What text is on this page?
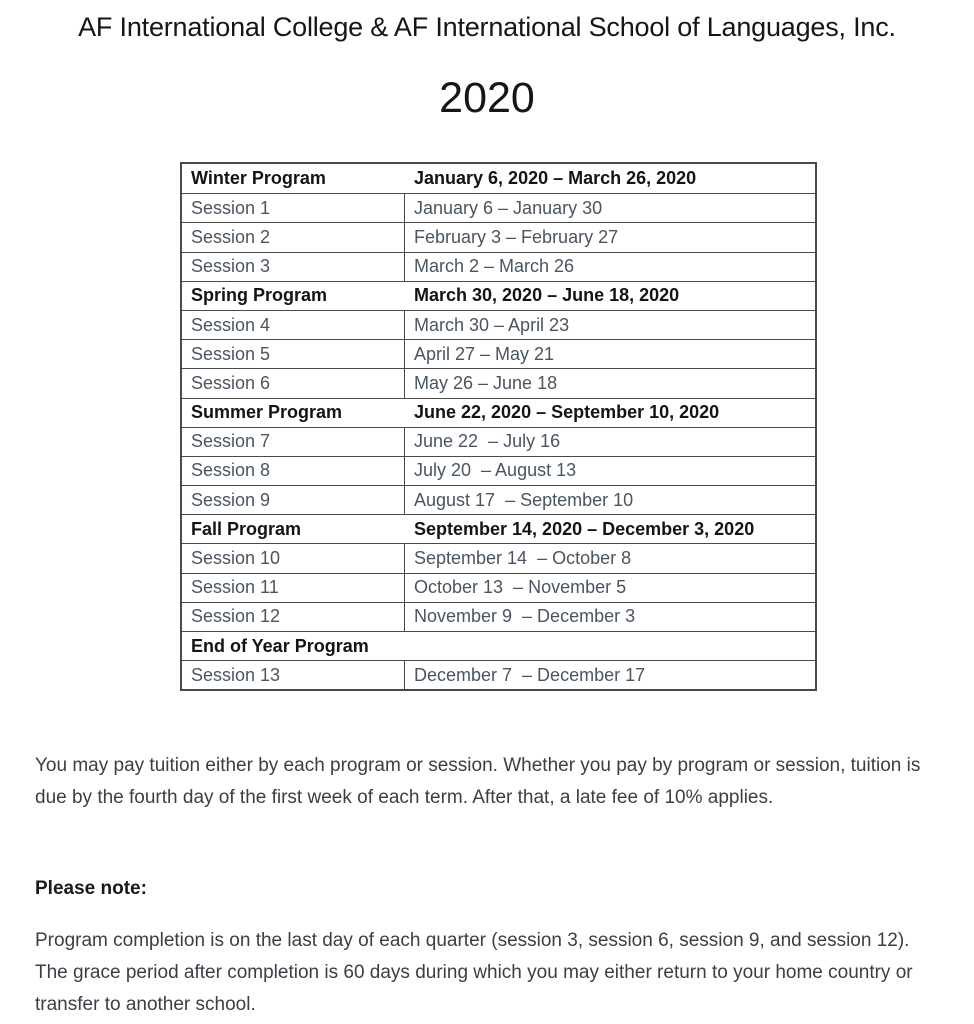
AF International College & AF International School of Languages, Inc.
2020
Winter Program	January 6, 2020 – March 26, 2020
Session 1	January 6 – January 30
Session 2	February 3 – February 27
Session 3	March 2 – March 26
Spring Program	March 30, 2020 – June 18, 2020
Session 4	March 30 – April 23
Session 5	April 27 – May 21
Session 6	May 26 – June 18
Summer Program	June 22, 2020 – September 10, 2020
Session 7	June 22  – July 16
Session 8	July 20  – August 13
Session 9	August 17  – September 10
Fall Program	September 14, 2020 – December 3, 2020
Session 10	September 14  – October 8
Session 11	October 13  – November 5
Session 12	November 9  – December 3
End of Year Program
Session 13	December 7  – December 17

You may pay tuition either by each program or session. Whether you pay by program or session, tuition is due by the fourth day of the first week of each term. After that, a late fee of 10% applies.

Please note:

Program completion is on the last day of each quarter (session 3, session 6, session 9, and session 12). The grace period after completion is 60 days during which you may either return to your home country or transfer to another school.
